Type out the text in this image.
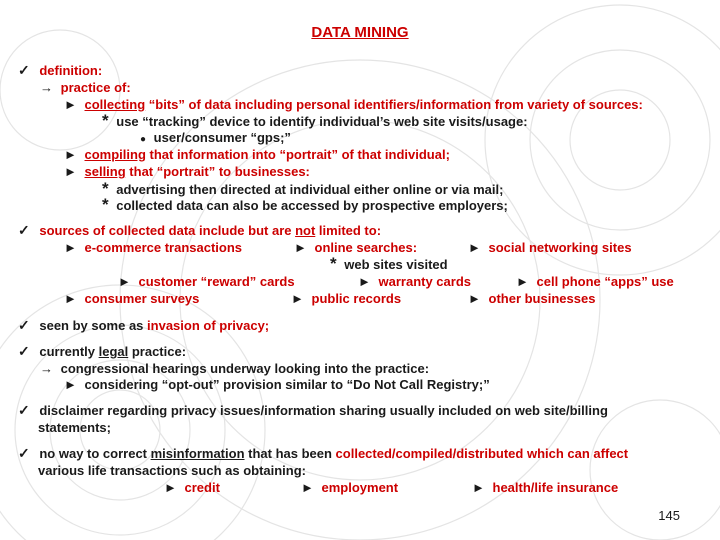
DATA MINING
✓ definition:
→ practice of:
► collecting “bits” of data including personal identifiers/information from variety of sources:
* use “tracking” device to identify individual’s web site visits/usage:
● user/consumer “gps;”
► compiling that information into “portrait” of that individual;
► selling that “portrait” to businesses:
* advertising then directed at individual either online or via mail;
* collected data can also be accessed by prospective employers;
✓ sources of collected data include but are not limited to:
► e-commerce transactions	► online searches:	► social networking sites
* web sites visited
► customer “reward” cards	► warranty cards	► cell phone “apps” use
► consumer surveys	► public records	► other businesses
✓ seen by some as invasion of privacy;
✓ currently legal practice:
→ congressional hearings underway looking into the practice:
► considering “opt-out” provision similar to “Do Not Call Registry;”
✓ disclaimer regarding privacy issues/information sharing usually included on web site/billing
statements;
✓ no way to correct misinformation that has been collected/compiled/distributed which can affect
various life transactions such as obtaining:
► credit	► employment	► health/life insurance
145
